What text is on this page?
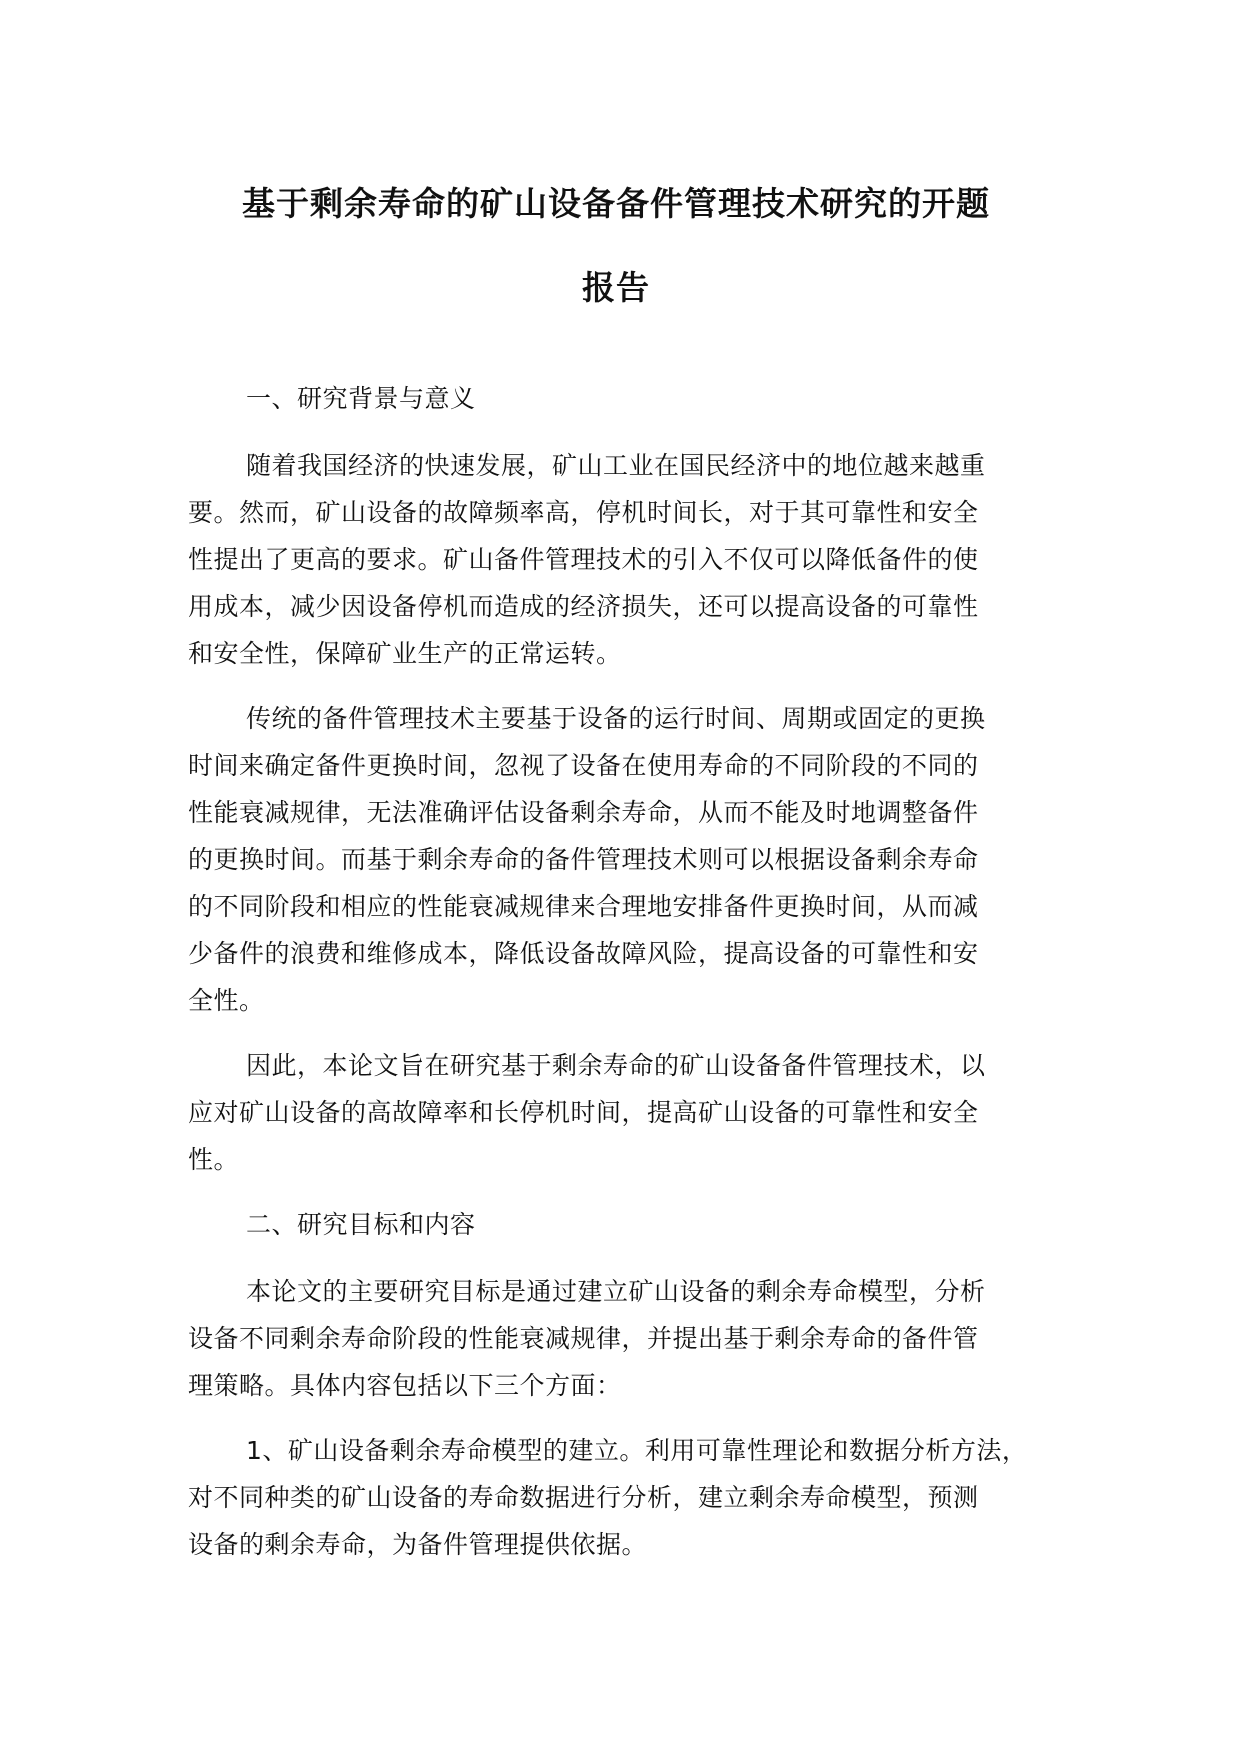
基于剩余寿命的矿山设备备件管理技术研究的开题
报告
一、研究背景与意义
随着我国经济的快速发展，矿山工业在国民经济中的地位越来越重
要。然而，矿山设备的故障频率高，停机时间长，对于其可靠性和安全
性提出了更高的要求。矿山备件管理技术的引入不仅可以降低备件的使
用成本，减少因设备停机而造成的经济损失，还可以提高设备的可靠性
和安全性，保障矿业生产的正常运转。
传统的备件管理技术主要基于设备的运行时间、周期或固定的更换
时间来确定备件更换时间，忽视了设备在使用寿命的不同阶段的不同的
性能衰减规律，无法准确评估设备剩余寿命，从而不能及时地调整备件
的更换时间。而基于剩余寿命的备件管理技术则可以根据设备剩余寿命
的不同阶段和相应的性能衰减规律来合理地安排备件更换时间，从而减
少备件的浪费和维修成本，降低设备故障风险，提高设备的可靠性和安
全性。
因此，本论文旨在研究基于剩余寿命的矿山设备备件管理技术，以
应对矿山设备的高故障率和长停机时间，提高矿山设备的可靠性和安全
性。
二、研究目标和内容
本论文的主要研究目标是通过建立矿山设备的剩余寿命模型，分析
设备不同剩余寿命阶段的性能衰减规律，并提出基于剩余寿命的备件管
理策略。具体内容包括以下三个方面：
1、矿山设备剩余寿命模型的建立。利用可靠性理论和数据分析方法，
对不同种类的矿山设备的寿命数据进行分析，建立剩余寿命模型，预测
设备的剩余寿命，为备件管理提供依据。
